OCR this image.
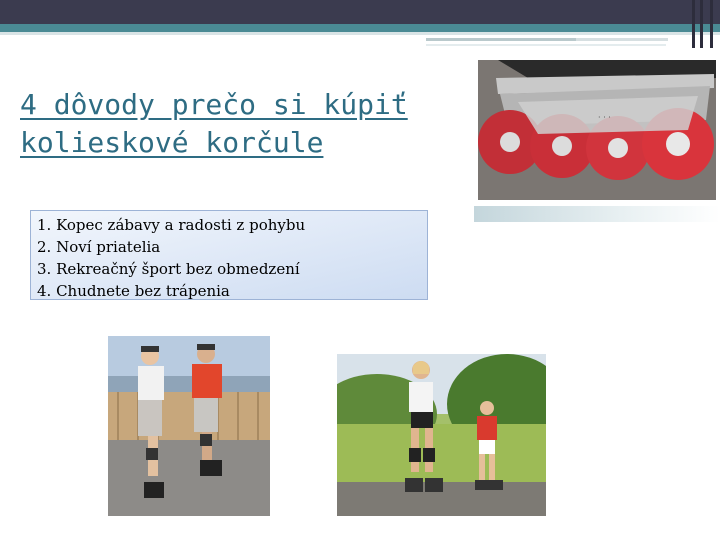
4 dôvody prečo si kúpiť
kolieskové korčule
1. Kopec zábavy a radosti z pohybu
2. Noví priatelia
3. Rekreačný šport bez obmedzení
4. Chudnete bez trápenia
· · ·
